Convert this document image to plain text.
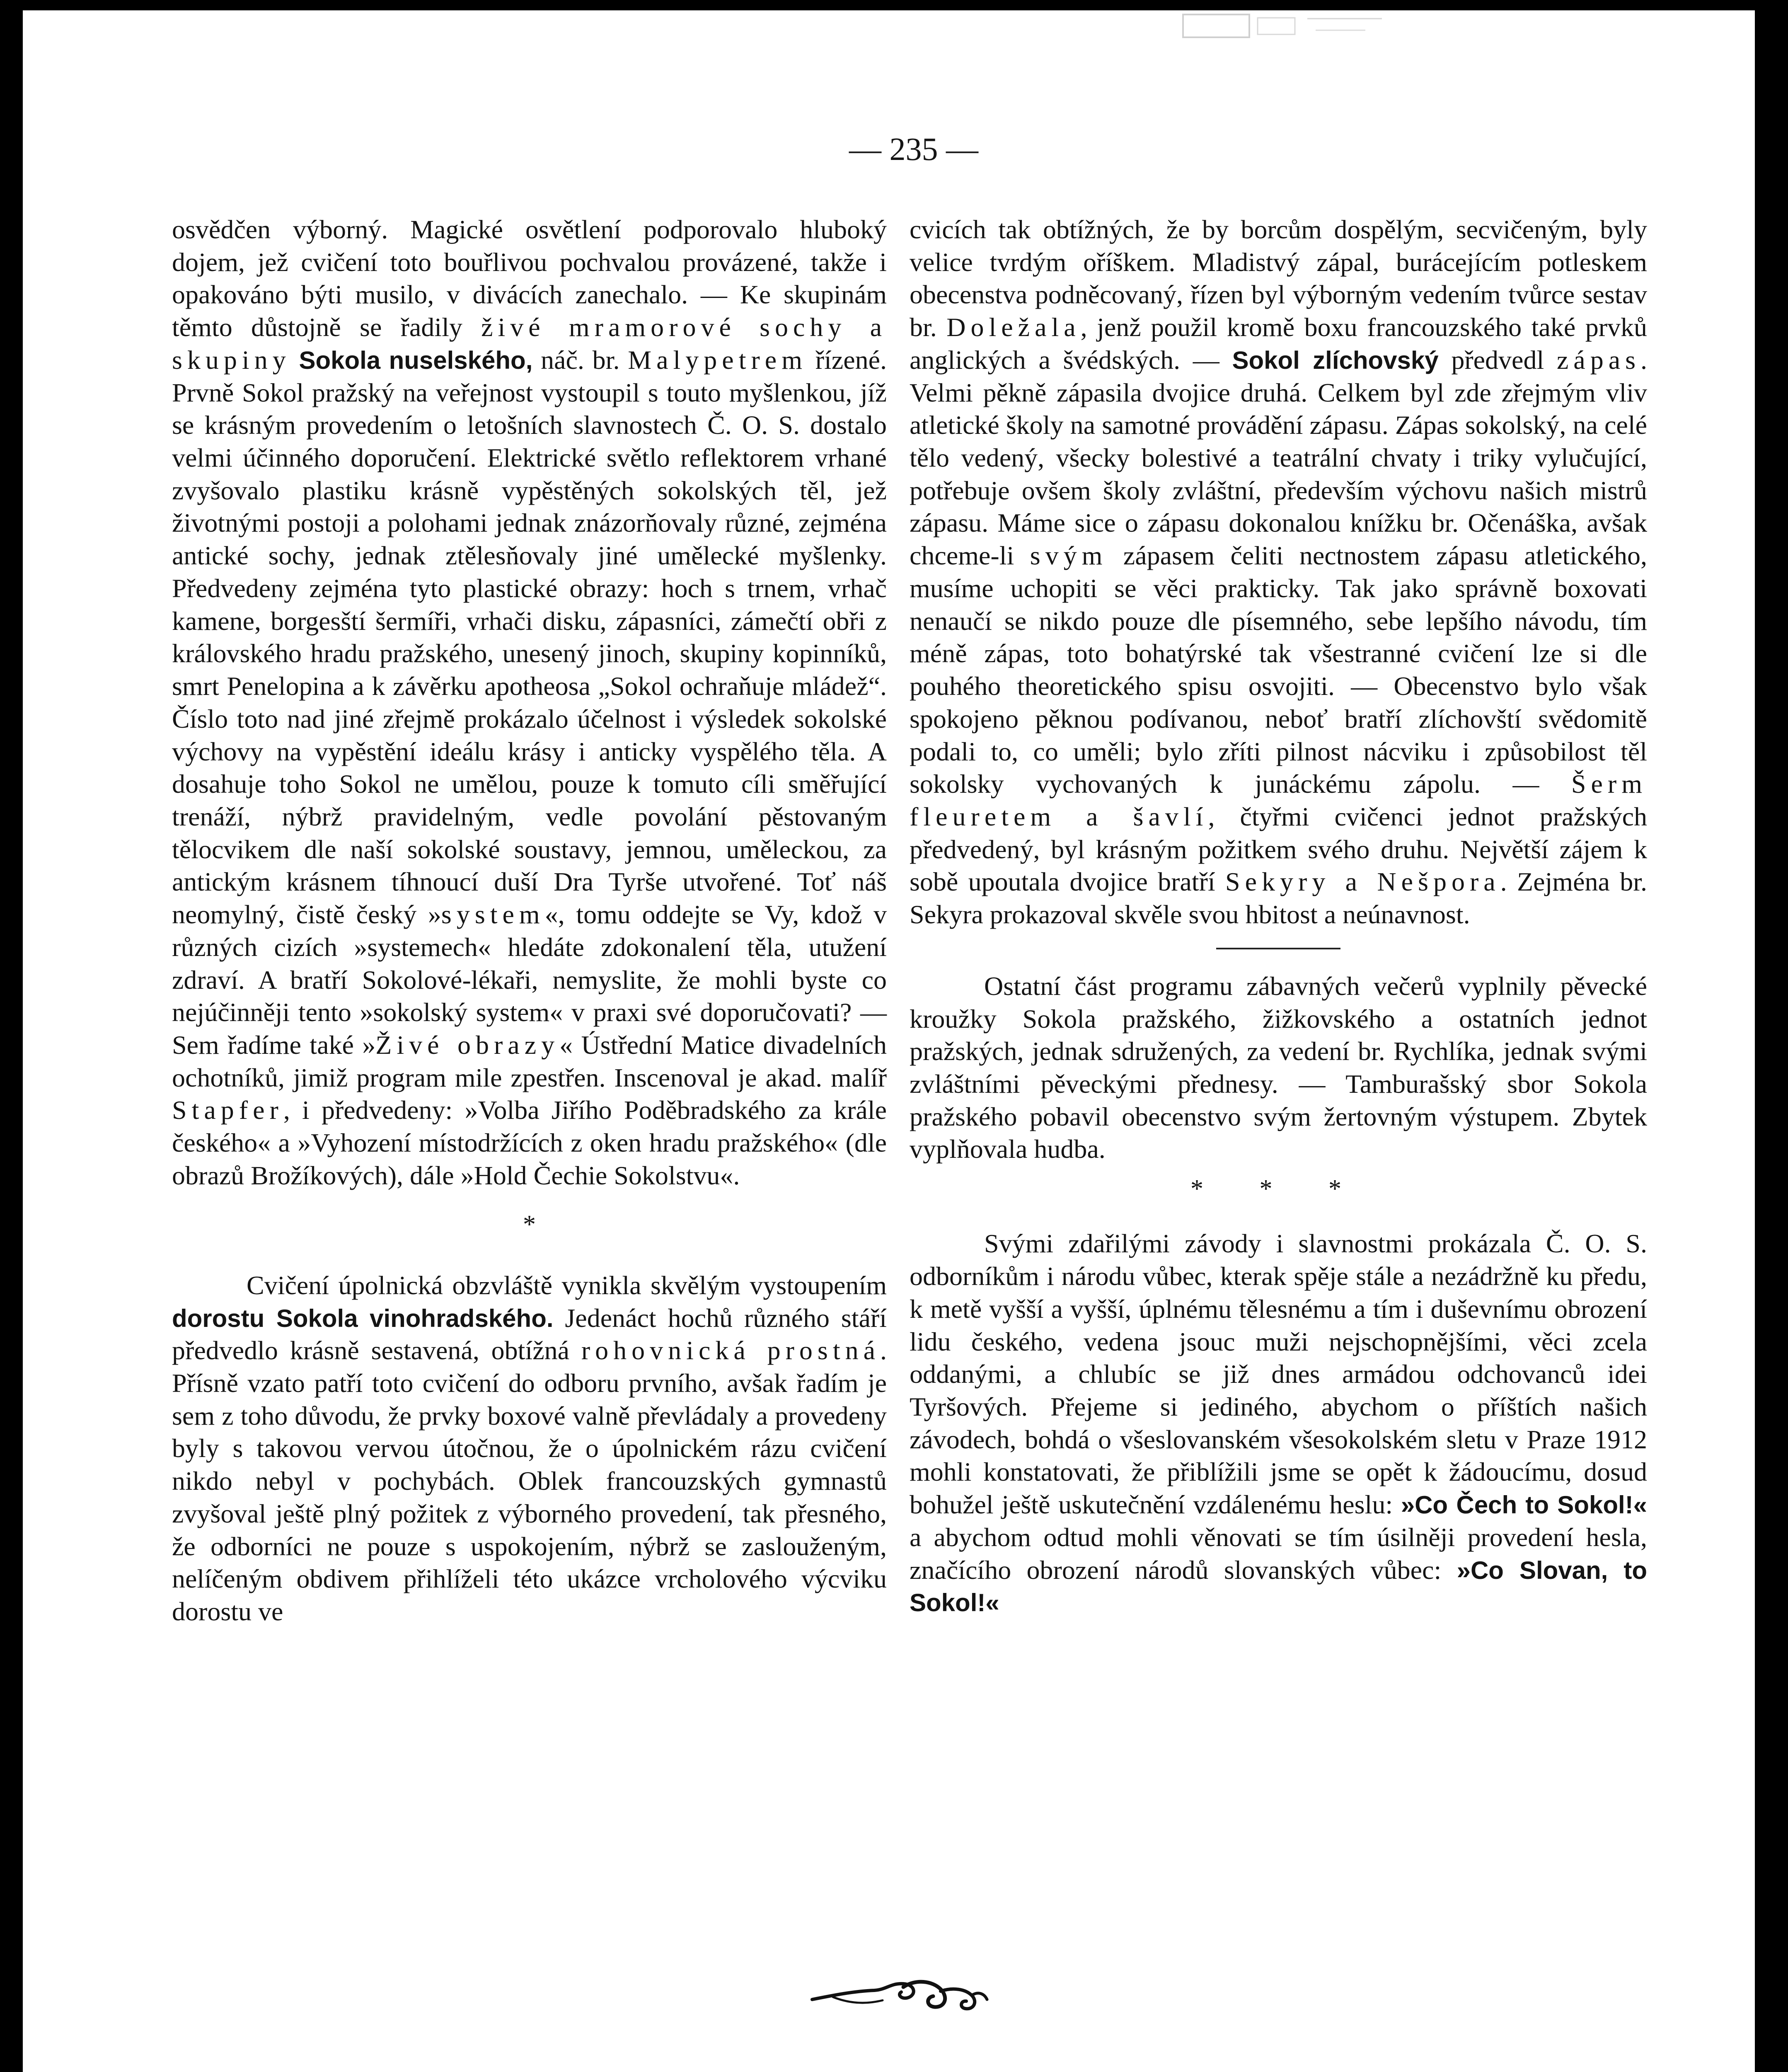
— 235 —

osvědčen výborný. Magické osvětlení podporovalo hluboký dojem, jež cvičení toto bouřlivou pochvalou provázené, takže i opakováno býti musilo, v divácích zanechalo. — Ke skupinám těmto důstojně se řadily živé mramorové sochy a skupiny Sokola nuselského, náč. br. Malypetrem řízené. Prvně Sokol pražský na veřejnost vystoupil s touto myšlenkou, jíž se krásným provedením o letošních slavnostech Č. O. S. dostalo velmi účinného doporučení. Elektrické světlo reflektorem vrhané zvyšovalo plastiku krásně vypěstěných sokolských těl, jež životnými postoji a polohami jednak znázorňovaly různé, zejména antické sochy, jednak ztělesňovaly jiné umělecké myšlenky. Předvedeny zejména tyto plastické obrazy: hoch s trnem, vrhač kamene, borgesští šermíři, vrhači disku, zápasníci, zámečtí obři z královského hradu pražského, unesený jinoch, skupiny kopinníků, smrt Penelopina a k závěrku apotheosa „Sokol ochraňuje mládež“. Číslo toto nad jiné zřejmě prokázalo účelnost i výsledek sokolské výchovy na vypěstění ideálu krásy i anticky vyspělého těla. A dosahuje toho Sokol ne umělou, pouze k tomuto cíli směřující trenáží, nýbrž pravidelným, vedle povolání pěstovaným tělocvikem dle naší sokolské soustavy, jemnou, uměleckou, za antickým krásnem tíhnoucí duší Dra Tyrše utvořené. Toť náš neomylný, čistě český »system«, tomu oddejte se Vy, kdož v různých cizích »systemech« hledáte zdokonalení těla, utužení zdraví. A bratří Sokolové-lékaři, nemyslite, že mohli byste co nejúčinněji tento »sokolský system« v praxi své doporučovati? — Sem řadíme také »Živé obrazy« Ústřední Matice divadelních ochotníků, jimiž program mile zpestřen. Inscenoval je akad. malíř Stapfer, i předvedeny: »Volba Jiřího Poděbradského za krále českého« a »Vyhození místodržících z oken hradu pražského« (dle obrazů Brožíkových), dále »Hold Čechie Sokolstvu«.

*

Cvičení úpolnická obzvláště vynikla skvělým vystoupením dorostu Sokola vinohradského. Jedenáct hochů různého stáří předvedlo krásně sestavená, obtížná rohovnická prostná. Přísně vzato patří toto cvičení do odboru prvního, avšak řadím je sem z toho důvodu, že prvky boxové valně převládaly a provedeny byly s takovou vervou útočnou, že o úpolnickém rázu cvičení nikdo nebyl v pochybách. Oblek francouzských gymnastů zvyšoval ještě plný požitek z výborného provedení, tak přesného, že odborníci ne pouze s uspokojením, nýbrž se zaslouženým, nelíčeným obdivem přihlíželi této ukázce vrcholového výcviku dorostu ve

cvicích tak obtížných, že by borcům dospělým, secvičeným, byly velice tvrdým oříškem. Mladistvý zápal, burácejícím potleskem obecenstva podněcovaný, řízen byl výborným vedením tvůrce sestav br. Doležala, jenž použil kromě boxu francouzského také prvků anglických a švédských. — Sokol zlíchovský předvedl zápas. Velmi pěkně zápasila dvojice druhá. Celkem byl zde zřejmým vliv atletické školy na samotné provádění zápasu. Zápas sokolský, na celé tělo vedený, všecky bolestivé a teatrální chvaty i triky vylučující, potřebuje ovšem školy zvláštní, především výchovu našich mistrů zápasu. Máme sice o zápasu dokonalou knížku br. Očenáška, avšak chceme-li svým zápasem čeliti nectnostem zápasu atletického, musíme uchopiti se věci prakticky. Tak jako správně boxovati nenaučí se nikdo pouze dle písemného, sebe lepšího návodu, tím méně zápas, toto bohatýrské tak všestranné cvičení lze si dle pouhého theoretického spisu osvojiti. — Obecenstvo bylo však spokojeno pěknou podívanou, neboť bratří zlíchovští svědomitě podali to, co uměli; bylo zříti pilnost nácviku i způsobilost těl sokolsky vychovaných k junáckému zápolu. — Šerm fleuretem a šavlí, čtyřmi cvičenci jednot pražských předvedený, byl krásným požitkem svého druhu. Největší zájem k sobě upoutala dvojice bratří Sekyry a Nešpora. Zejména br. Sekyra prokazoval skvěle svou hbitost a neúnavnost.

Ostatní část programu zábavných večerů vyplnily pěvecké kroužky Sokola pražského, žižkovského a ostatních jednot pražských, jednak sdružených, za vedení br. Rychlíka, jednak svými zvláštními pěveckými přednesy. — Tamburašský sbor Sokola pražského pobavil obecenstvo svým žertovným výstupem. Zbytek vyplňovala hudba.

* * *

Svými zdařilými závody i slavnostmi prokázala Č. O. S. odborníkům i národu vůbec, kterak spěje stále a nezádržně ku předu, k metě vyšší a vyšší, úplnému tělesnému a tím i duševnímu obrození lidu českého, vedena jsouc muži nejschopnějšími, věci zcela oddanými, a chlubíc se již dnes armádou odchovanců idei Tyršových. Přejeme si jediného, abychom o příštích našich závodech, bohdá o všeslovanském všesokolském sletu v Praze 1912 mohli konstatovati, že přiblížili jsme se opět k žádoucímu, dosud bohužel ještě uskutečnění vzdálenému heslu: »Co Čech to Sokol!« a abychom odtud mohli věnovati se tím úsilněji provedení hesla, značícího obrození národů slovanských vůbec: »Co Slovan, to Sokol!«
